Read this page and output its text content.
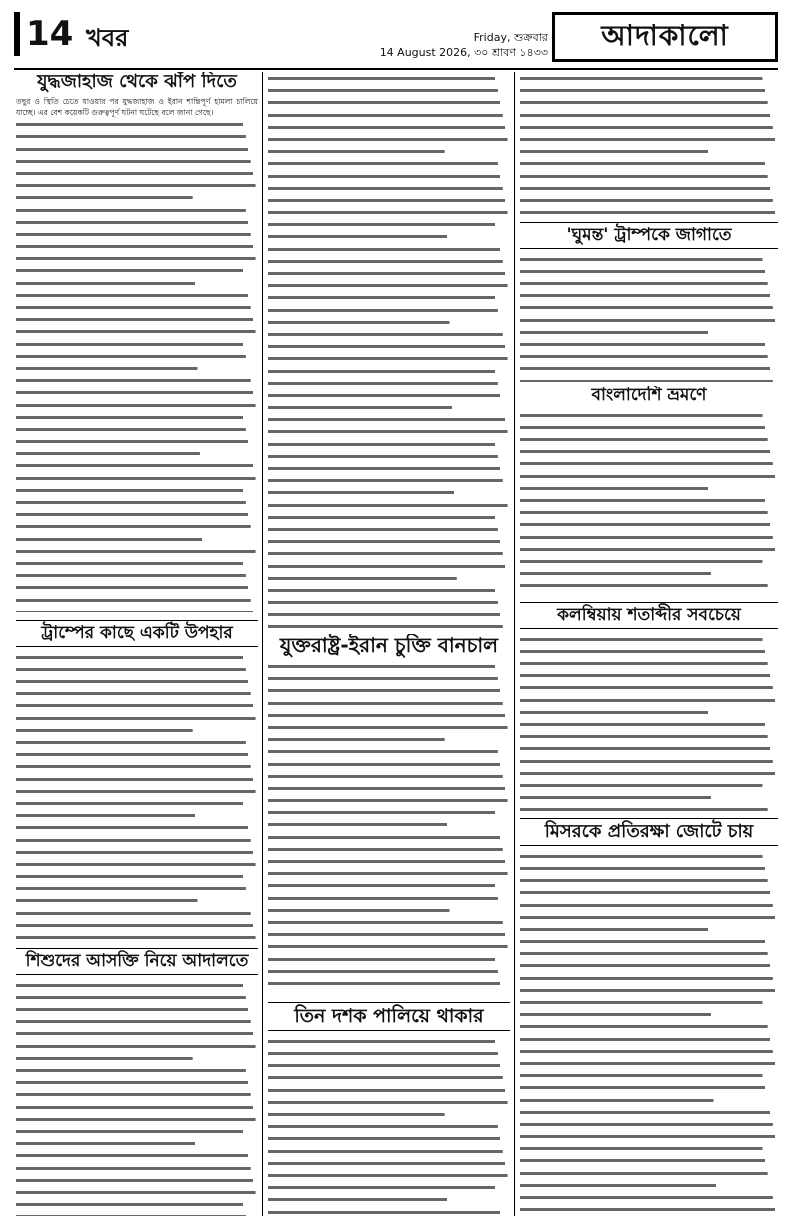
14 খবর	Friday, শুক্রবার
14 August 2026, ৩০ শ্রাবণ ১৪৩৩
আদাকালো
যুদ্ধজাহাজ থেকে ঝাঁপ দিতে

তছুর ও স্থিতি চেতে যাওয়ার পর যুদ্ধজাহাজ ও ইরান শান্তিপূর্ণ হামলা চালিয়ে যাচ্ছে। এর বেশ কয়েকটি গুরুত্বপূর্ণ ঘটনা ঘটেছে বলে জানা গেছে।

ট্রাম্পের কাছে একটি উপহার
শিশুদের আসক্তি নিয়ে আদালতে
যুক্তরাষ্ট্র-ইরান চুক্তি বানচাল
তিন দশক পালিয়ে থাকার
'ঘুমন্ত' ট্রাম্পকে জাগাতে
বাংলাদেশি ভ্রমণে
কলম্বিয়ায় শতাব্দীর সবচেয়ে
মিসরকে প্রতিরক্ষা জোটে চায়
